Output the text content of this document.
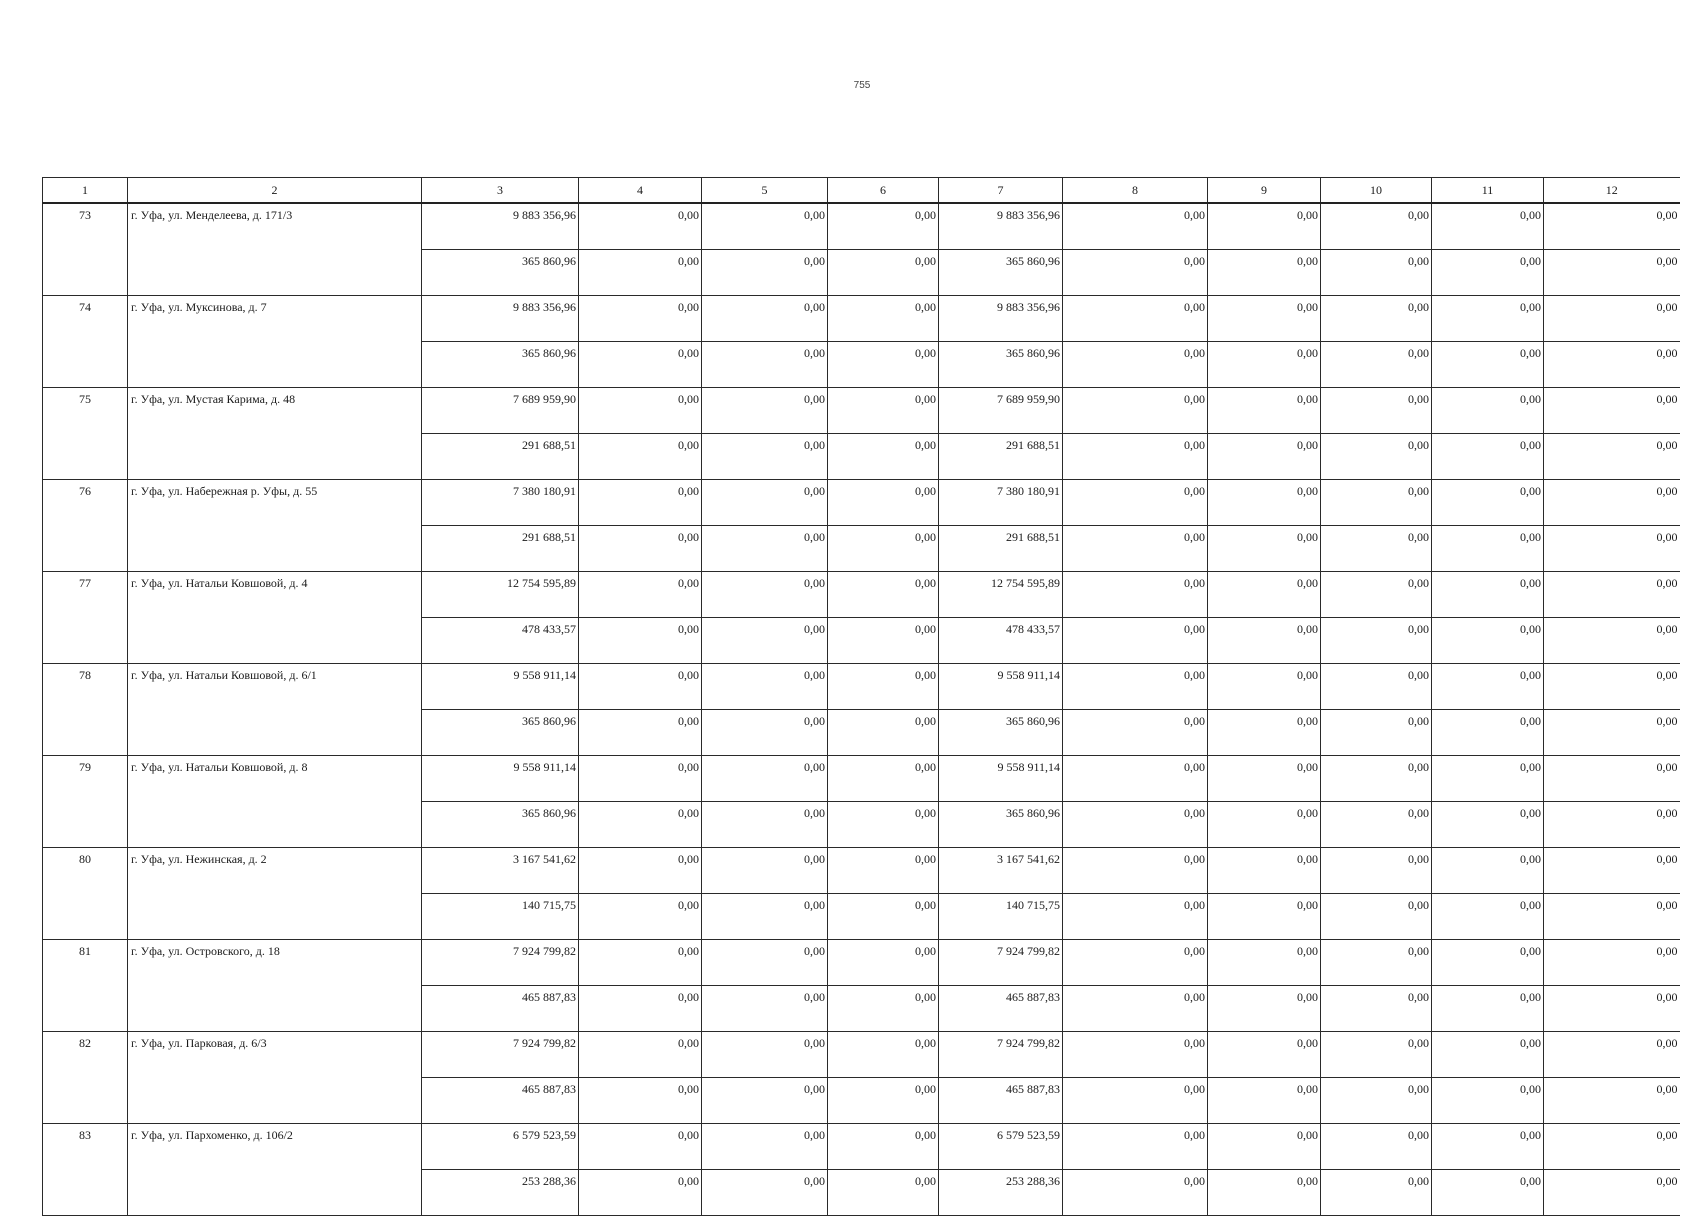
755
1	2	3	4	5	6	7	8	9	10	11	12
73	г. Уфа, ул. Менделеева, д. 171/3	9 883 356,96	0,00	0,00	0,00	9 883 356,96	0,00	0,00	0,00	0,00	0,00
		365 860,96	0,00	0,00	0,00	365 860,96	0,00	0,00	0,00	0,00	0,00
74	г. Уфа, ул. Муксинова, д. 7	9 883 356,96	0,00	0,00	0,00	9 883 356,96	0,00	0,00	0,00	0,00	0,00
		365 860,96	0,00	0,00	0,00	365 860,96	0,00	0,00	0,00	0,00	0,00
75	г. Уфа, ул. Мустая Карима, д. 48	7 689 959,90	0,00	0,00	0,00	7 689 959,90	0,00	0,00	0,00	0,00	0,00
		291 688,51	0,00	0,00	0,00	291 688,51	0,00	0,00	0,00	0,00	0,00
76	г. Уфа, ул. Набережная р. Уфы, д. 55	7 380 180,91	0,00	0,00	0,00	7 380 180,91	0,00	0,00	0,00	0,00	0,00
		291 688,51	0,00	0,00	0,00	291 688,51	0,00	0,00	0,00	0,00	0,00
77	г. Уфа, ул. Натальи Ковшовой, д. 4	12 754 595,89	0,00	0,00	0,00	12 754 595,89	0,00	0,00	0,00	0,00	0,00
		478 433,57	0,00	0,00	0,00	478 433,57	0,00	0,00	0,00	0,00	0,00
78	г. Уфа, ул. Натальи Ковшовой, д. 6/1	9 558 911,14	0,00	0,00	0,00	9 558 911,14	0,00	0,00	0,00	0,00	0,00
		365 860,96	0,00	0,00	0,00	365 860,96	0,00	0,00	0,00	0,00	0,00
79	г. Уфа, ул. Натальи Ковшовой, д. 8	9 558 911,14	0,00	0,00	0,00	9 558 911,14	0,00	0,00	0,00	0,00	0,00
		365 860,96	0,00	0,00	0,00	365 860,96	0,00	0,00	0,00	0,00	0,00
80	г. Уфа, ул. Нежинская, д. 2	3 167 541,62	0,00	0,00	0,00	3 167 541,62	0,00	0,00	0,00	0,00	0,00
		140 715,75	0,00	0,00	0,00	140 715,75	0,00	0,00	0,00	0,00	0,00
81	г. Уфа, ул. Островского, д. 18	7 924 799,82	0,00	0,00	0,00	7 924 799,82	0,00	0,00	0,00	0,00	0,00
		465 887,83	0,00	0,00	0,00	465 887,83	0,00	0,00	0,00	0,00	0,00
82	г. Уфа, ул. Парковая, д. 6/3	7 924 799,82	0,00	0,00	0,00	7 924 799,82	0,00	0,00	0,00	0,00	0,00
		465 887,83	0,00	0,00	0,00	465 887,83	0,00	0,00	0,00	0,00	0,00
83	г. Уфа, ул. Пархоменко, д. 106/2	6 579 523,59	0,00	0,00	0,00	6 579 523,59	0,00	0,00	0,00	0,00	0,00
		253 288,36	0,00	0,00	0,00	253 288,36	0,00	0,00	0,00	0,00	0,00
